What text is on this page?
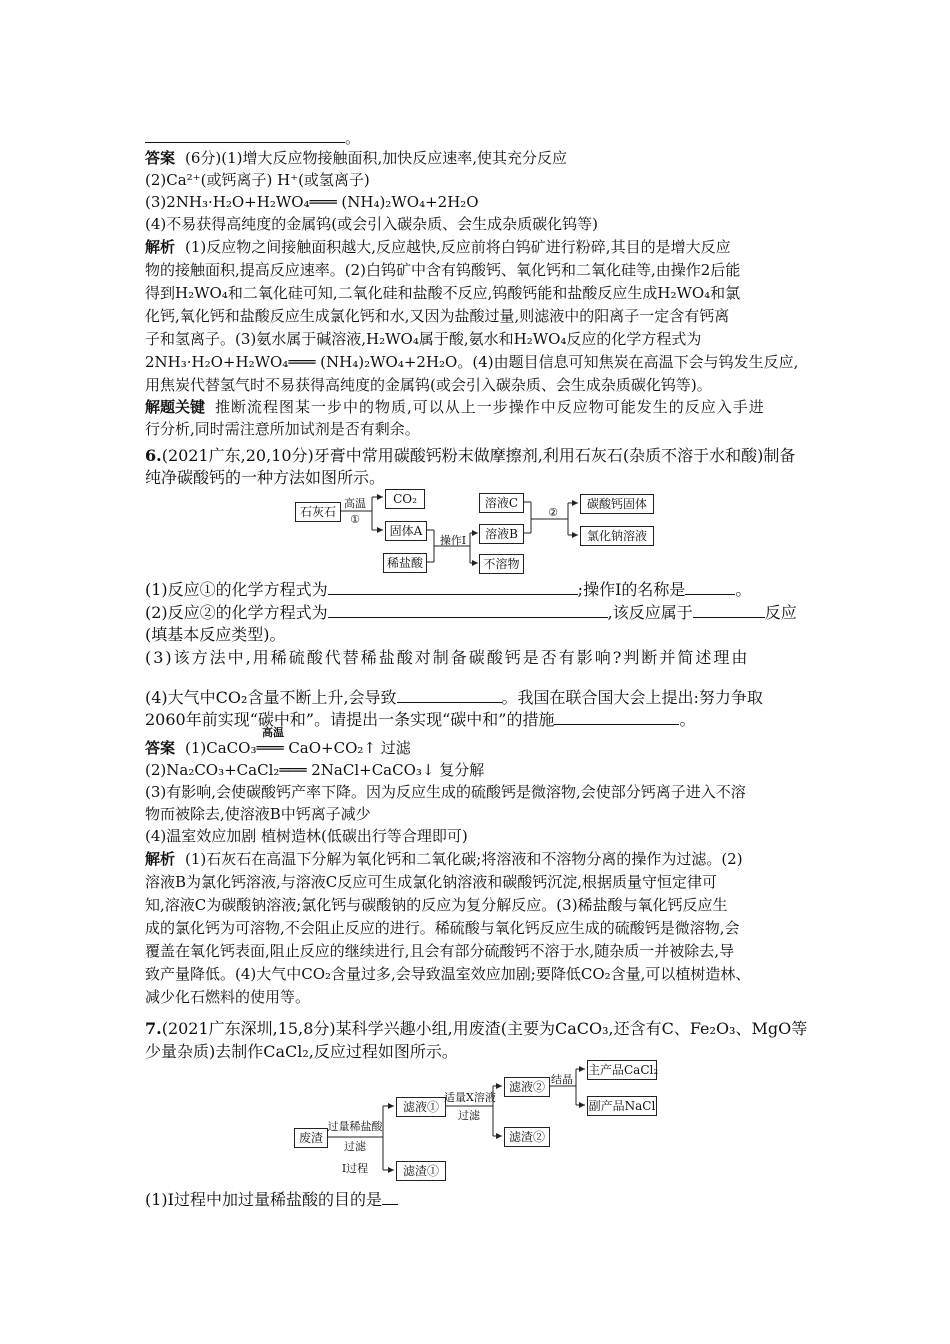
。
答案 (6分)(1)增大反应物接触面积,加快反应速率,使其充分反应
(2)Ca²⁺(或钙离子) H⁺(或氢离子)
(3)2NH₃·H₂O+H₂WO₄═══ (NH₄)₂WO₄+2H₂O
(4)不易获得高纯度的金属钨(或会引入碳杂质、会生成杂质碳化钨等)
解析 (1)反应物之间接触面积越大,反应越快,反应前将白钨矿进行粉碎,其目的是增大反应
物的接触面积,提高反应速率。(2)白钨矿中含有钨酸钙、氧化钙和二氧化硅等,由操作2后能
得到H₂WO₄和二氧化硅可知,二氧化硅和盐酸不反应,钨酸钙能和盐酸反应生成H₂WO₄和氯
化钙,氧化钙和盐酸反应生成氯化钙和水,又因为盐酸过量,则滤液中的阳离子一定含有钙离
子和氢离子。(3)氨水属于碱溶液,H₂WO₄属于酸,氨水和H₂WO₄反应的化学方程式为
2NH₃·H₂O+H₂WO₄═══ (NH₄)₂WO₄+2H₂O。(4)由题目信息可知焦炭在高温下会与钨发生反应,
用焦炭代替氢气时不易获得高纯度的金属钨(或会引入碳杂质、会生成杂质碳化钨等)。
解题关键 推断流程图某一步中的物质,可以从上一步操作中反应物可能发生的反应入手进
行分析,同时需注意所加试剂是否有剩余。
6.(2021广东,20,10分)牙膏中常用碳酸钙粉末做摩擦剂,利用石灰石(杂质不溶于水和酸)制备
纯净碳酸钙的一种方法如图所示。
石灰石
高温
①
CO₂
固体A
稀盐酸
操作Ⅰ
溶液C
溶液B
不溶物
②
碳酸钙固体
氯化钠溶液
(1)反应①的化学方程式为	;操作Ⅰ的名称是	。
(2)反应②的化学方程式为	,该反应属于	反应
(填基本反应类型)。
(3)该方法中,用稀硫酸代替稀盐酸对制备碳酸钙是否有影响?判断并简述理由
(4)大气中CO₂含量不断上升,会导致	。我国在联合国大会上提出:努力争取
2060年前实现“碳中和”。请提出一条实现“碳中和”的措施	。
高温
答案 (1)CaCO₃═══ CaO+CO₂↑ 过滤
(2)Na₂CO₃+CaCl₂═══ 2NaCl+CaCO₃↓ 复分解
(3)有影响,会使碳酸钙产率下降。因为反应生成的硫酸钙是微溶物,会使部分钙离子进入不溶
物而被除去,使溶液B中钙离子减少
(4)温室效应加剧 植树造林(低碳出行等合理即可)
解析 (1)石灰石在高温下分解为氧化钙和二氧化碳;将溶液和不溶物分离的操作为过滤。(2)
溶液B为氯化钙溶液,与溶液C反应可生成氯化钠溶液和碳酸钙沉淀,根据质量守恒定律可
知,溶液C为碳酸钠溶液;氯化钙与碳酸钠的反应为复分解反应。(3)稀盐酸与氧化钙反应生
成的氯化钙为可溶物,不会阻止反应的进行。稀硫酸与氧化钙反应生成的硫酸钙是微溶物,会
覆盖在氧化钙表面,阻止反应的继续进行,且会有部分硫酸钙不溶于水,随杂质一并被除去,导
致产量降低。(4)大气中CO₂含量过多,会导致温室效应加剧;要降低CO₂含量,可以植树造林、
减少化石燃料的使用等。
7.(2021广东深圳,15,8分)某科学兴趣小组,用废渣(主要为CaCO₃,还含有C、Fe₂O₃、MgO等
少量杂质)去制作CaCl₂,反应过程如图所示。
废渣
过量稀盐酸
过滤
Ⅰ过程
滤液①
滤渣①
适量X溶液
过滤
滤液②
滤渣②
结晶
主产品CaCl₂
副产品NaCl
(1)Ⅰ过程中加过量稀盐酸的目的是
